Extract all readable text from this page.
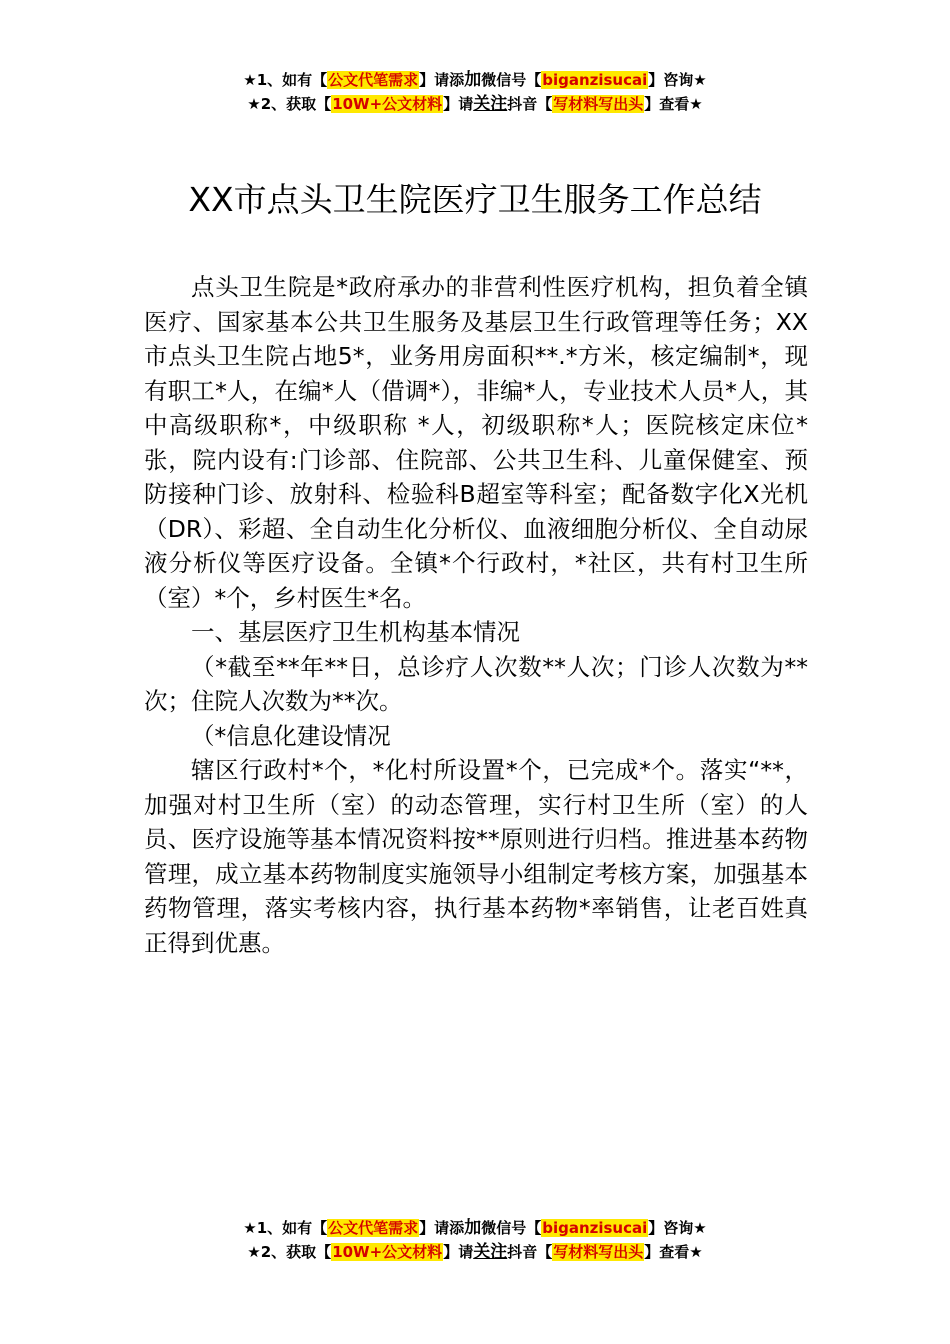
★1、如有【公文代笔需求】请添加微信号【biganzisucai】咨询★
★2、获取【10W+公文材料】请关注抖音【写材料写出头】查看★
XX市点头卫生院医疗卫生服务工作总结

点头卫生院是*政府承办的非营利性医疗机构，担负着全镇医疗、国家基本公共卫生服务及基层卫生行政管理等任务；XX市点头卫生院占地5*，业务用房面积**.*方米，核定编制*，现有职工*人，在编*人（借调*），非编*人，专业技术人员*人，其中高级职称*，中级职称 *人，初级职称*人；医院核定床位*张，院内设有:门诊部、住院部、公共卫生科、儿童保健室、预防接种门诊、放射科、检验科B超室等科室；配备数字化X光机（DR）、彩超、全自动生化分析仪、血液细胞分析仪、全自动尿液分析仪等医疗设备。全镇*个行政村，*社区，共有村卫生所（室）*个，乡村医生*名。

一、基层医疗卫生机构基本情况

（*截至**年**日，总诊疗人次数**人次；门诊人次数为**次；住院人次数为**次。

（*信息化建设情况

辖区行政村*个，*化村所设置*个，已完成*个。落实“**， 加强对村卫生所（室）的动态管理，实行村卫生所（室）的人员、医疗设施等基本情况资料按**原则进行归档。推进基本药物管理，成立基本药物制度实施领导小组制定考核方案，加强基本药物管理，落实考核内容，执行基本药物*率销售，让老百姓真正得到优惠。

★1、如有【公文代笔需求】请添加微信号【biganzisucai】咨询★
★2、获取【10W+公文材料】请关注抖音【写材料写出头】查看★
